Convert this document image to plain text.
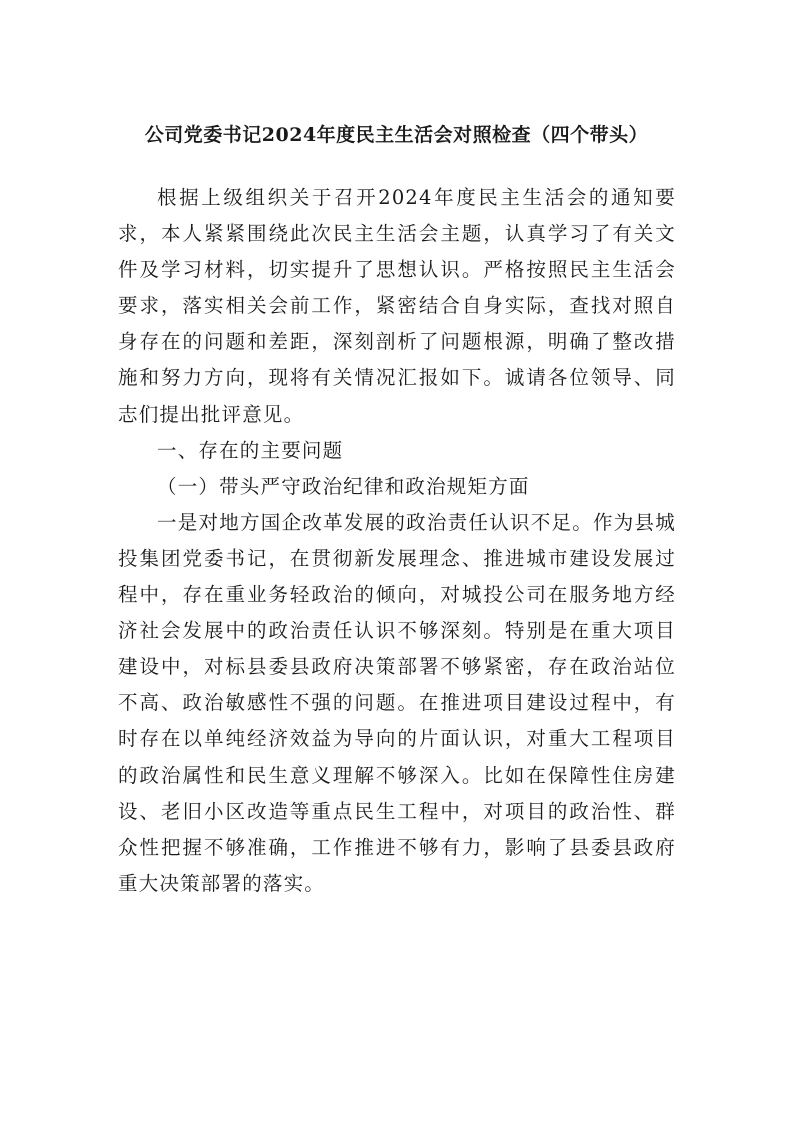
公司党委书记2024年度民主生活会对照检查（四个带头）

根据上级组织关于召开2024年度民主生活会的通知要求，本人紧紧围绕此次民主生活会主题，认真学习了有关文件及学习材料，切实提升了思想认识。严格按照民主生活会要求，落实相关会前工作，紧密结合自身实际，查找对照自身存在的问题和差距，深刻剖析了问题根源，明确了整改措施和努力方向，现将有关情况汇报如下。诚请各位领导、同志们提出批评意见。

一、存在的主要问题

（一）带头严守政治纪律和政治规矩方面

一是对地方国企改革发展的政治责任认识不足。作为县城投集团党委书记，在贯彻新发展理念、推进城市建设发展过程中，存在重业务轻政治的倾向，对城投公司在服务地方经济社会发展中的政治责任认识不够深刻。特别是在重大项目建设中，对标县委县政府决策部署不够紧密，存在政治站位不高、政治敏感性不强的问题。在推进项目建设过程中，有时存在以单纯经济效益为导向的片面认识，对重大工程项目的政治属性和民生意义理解不够深入。比如在保障性住房建设、老旧小区改造等重点民生工程中，对项目的政治性、群众性把握不够准确，工作推进不够有力，影响了县委县政府重大决策部署的落实。
